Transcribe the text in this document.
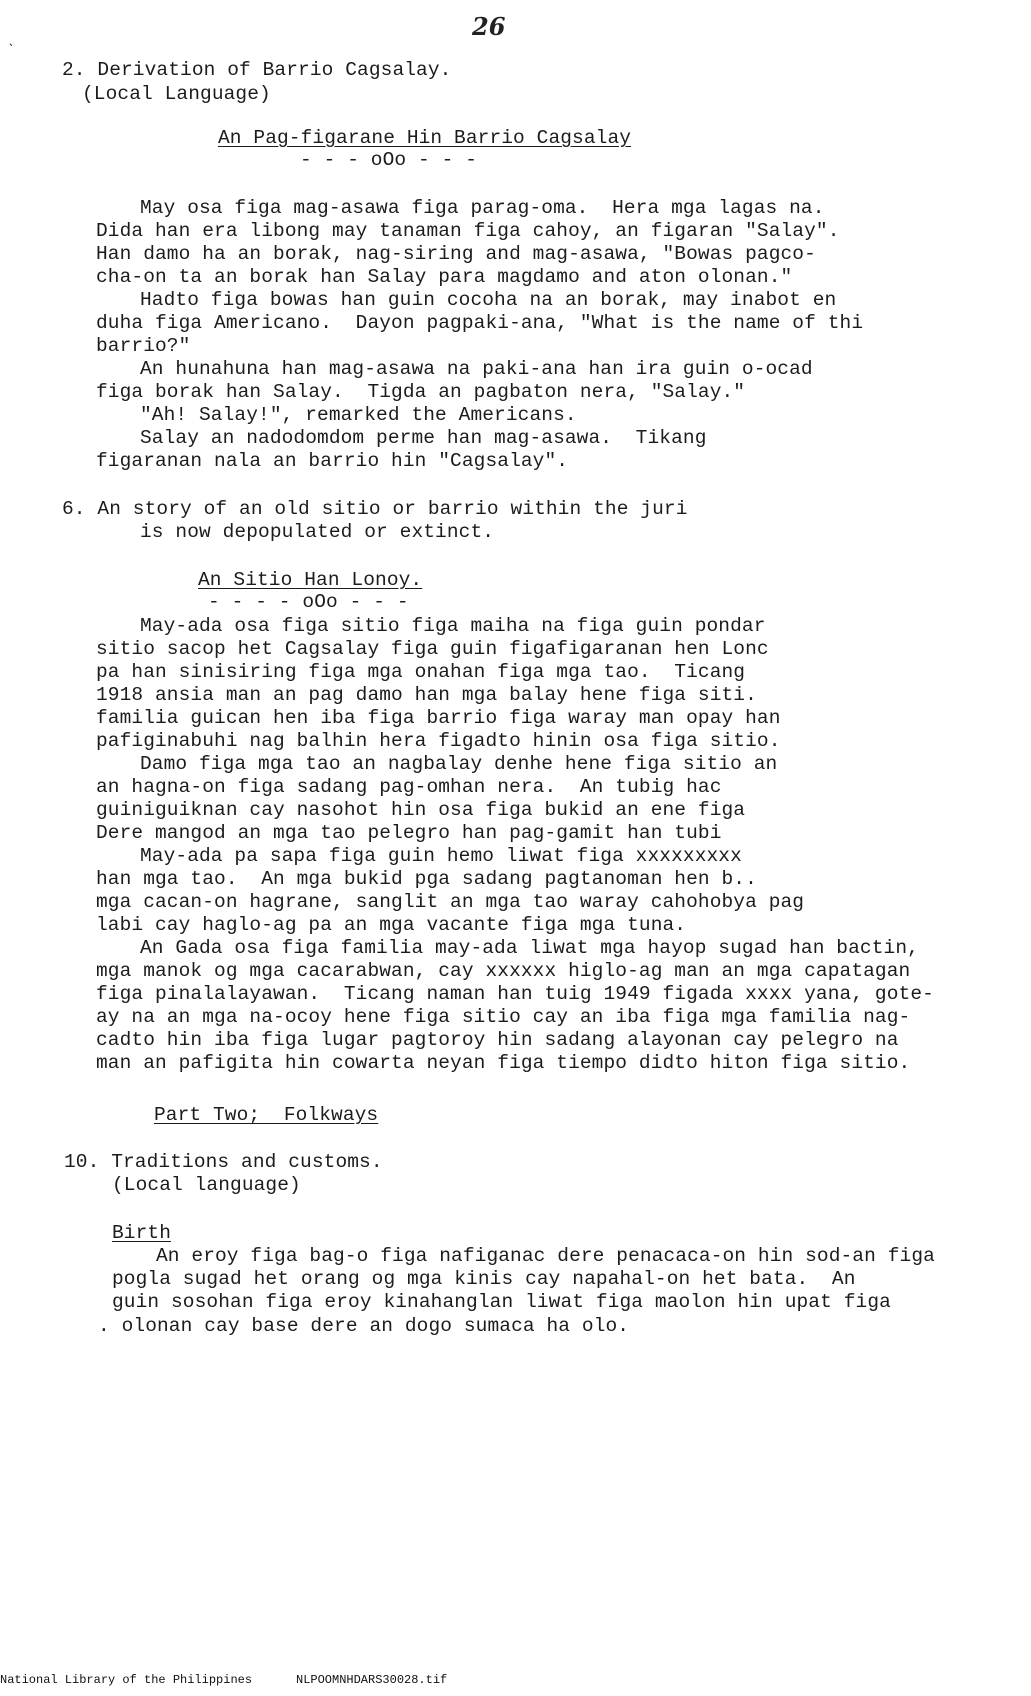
26
ˎ
2. Derivation of Barrio Cagsalay.
(Local Language)
An Pag-figarane Hin Barrio Cagsalay
- - - oOo - - -
May osa figa mag-asawa figa parag-oma.  Hera mga lagas na.
Dida han era libong may tanaman figa cahoy, an figaran "Salay".
Han damo ha an borak, nag-siring and mag-asawa, "Bowas pagco-
cha-on ta an borak han Salay para magdamo and aton olonan."
Hadto figa bowas han guin cocoha na an borak, may inabot en
duha figa Americano.  Dayon pagpaki-ana, "What is the name of thi
barrio?"
An hunahuna han mag-asawa na paki-ana han ira guin o-ocad
figa borak han Salay.  Tigda an pagbaton nera, "Salay."
"Ah! Salay!", remarked the Americans.
Salay an nadodomdom perme han mag-asawa.  Tikang
figaranan nala an barrio hin "Cagsalay".
6. An story of an old sitio or barrio within the juri
is now depopulated or extinct.
An Sitio Han Lonoy.
- - - - oOo - - -
May-ada osa figa sitio figa maiha na figa guin pondar
sitio sacop het Cagsalay figa guin figafigaranan hen Lonc
pa han sinisiring figa mga onahan figa mga tao.  Ticang
1918 ansia man an pag damo han mga balay hene figa siti.
familia guican hen iba figa barrio figa waray man opay han
pafiginabuhi nag balhin hera figadto hinin osa figa sitio.
Damo figa mga tao an nagbalay denhe hene figa sitio an
an hagna-on figa sadang pag-omhan nera.  An tubig hac
guiniguiknan cay nasohot hin osa figa bukid an ene figa
Dere mangod an mga tao pelegro han pag-gamit han tubi
May-ada pa sapa figa guin hemo liwat figa xxxxxxxxx
han mga tao.  An mga bukid pga sadang pagtanoman hen b..
mga cacan-on hagrane, sanglit an mga tao waray cahohobya pag
labi cay haglo-ag pa an mga vacante figa mga tuna.
An Gada osa figa familia may-ada liwat mga hayop sugad han bactin,
mga manok og mga cacarabwan, cay xxxxxx higlo-ag man an mga capatagan
figa pinalalayawan.  Ticang naman han tuig 1949 figada xxxx yana, gote-
ay na an mga na-ocoy hene figa sitio cay an iba figa mga familia nag-
cadto hin iba figa lugar pagtoroy hin sadang alayonan cay pelegro na
man an pafigita hin cowarta neyan figa tiempo didto hiton figa sitio.
Part Two;  Folkways
10. Traditions and customs.
(Local language)
Birth
An eroy figa bag-o figa nafiganac dere penacaca-on hin sod-an figa
pogla sugad het orang og mga kinis cay napahal-on het bata.  An
guin sosohan figa eroy kinahanglan liwat figa maolon hin upat figa
. olonan cay base dere an dogo sumaca ha olo.
National Library of the Philippines	NLPOOMNHDARS30028.tif
